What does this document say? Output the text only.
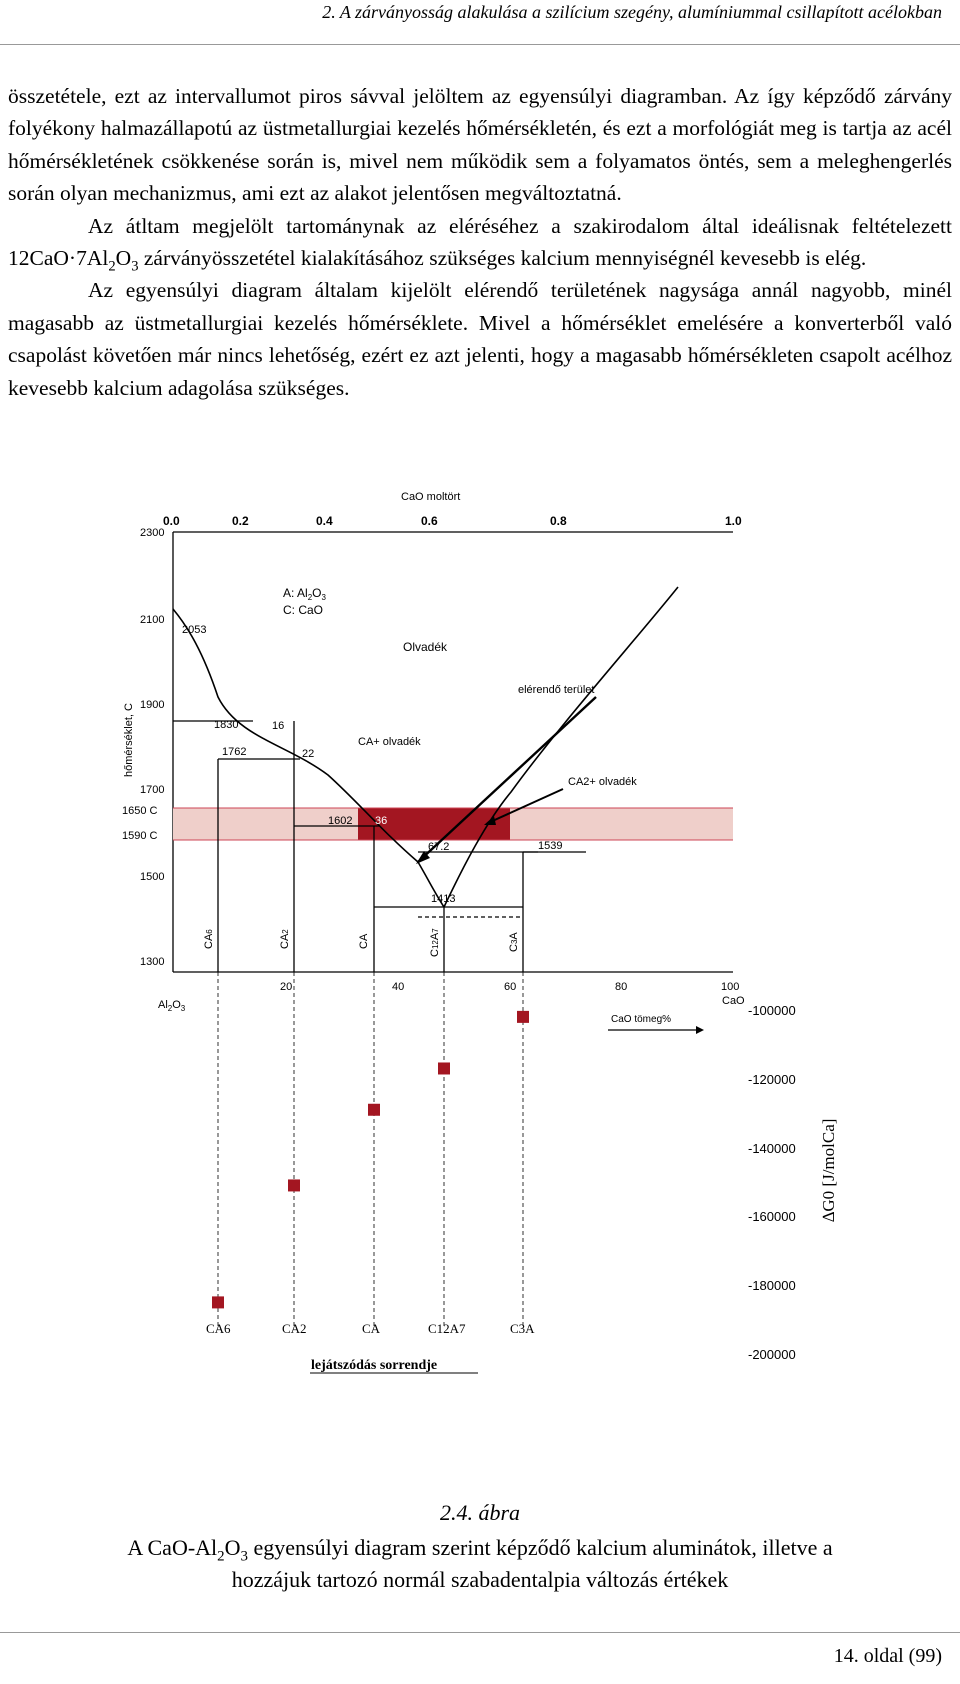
2. A zárványosság alakulása a szilícium szegény, alumíniummal csillapított acélokban

összetétele, ezt az intervallumot piros sávval jelöltem az egyensúlyi diagramban. Az így képződő zárvány folyékony halmazállapotú az üstmetallurgiai kezelés hőmérsékletén, és ezt a morfológiát meg is tartja az acél hőmérsékletének csökkenése során is, mivel nem működik sem a folyamatos öntés, sem a meleghengerlés során olyan mechanizmus, ami ezt az alakot jelentősen megváltoztatná.

Az átltam megjelölt tartománynak az eléréséhez a szakirodalom által ideálisnak feltételezett $12CaO\cdot 7Al_2O_3$ zárványösszetétel kialakításához szükséges kalcium mennyiségnél kevesebb is elég.

Az egyensúlyi diagram általam kijelölt elérendő területének nagysága annál nagyobb, minél magasabb az üstmetallurgiai kezelés hőmérséklete. Mivel a hőmérséklet emelésére a konverterből való csapolást követően már nincs lehetőség, ezért ez azt jelenti, hogy a magasabb hőmérsékleten csapolt acélhoz kevesebb kalcium adagolása szükséges.

CaO moltört
0.0	0.2	0.4	0.6	0.8	1.0
2300
2100
1900
1700
1650 C
1590 C
1500
1300
hőmérséklet, C
A: $Al_2O_3$
C: CaO
Olvadék
elérendő terület
CA+ olvadék
CA2+ olvadék
2053
1830	16
1762	22
1602 36
67.2	1539
1413
CA6
CA2
CA
C12A7
C3A
20	40	60	80	100
$Al_2O_3$
CaO
CaO tömeg%
-100000
-120000
-140000
-160000
-180000
-200000
∆G0 [J/molCa]
CA6	CA2	CA	C12A7	C3A
lejátszódás sorrendje
2.4. ábra
A CaO-$Al_2O_3$ egyensúlyi diagram szerint képződő kalcium aluminátok, illetve a
hozzájuk tartozó normál szabadentalpia változás értékek
14. oldal (99)
